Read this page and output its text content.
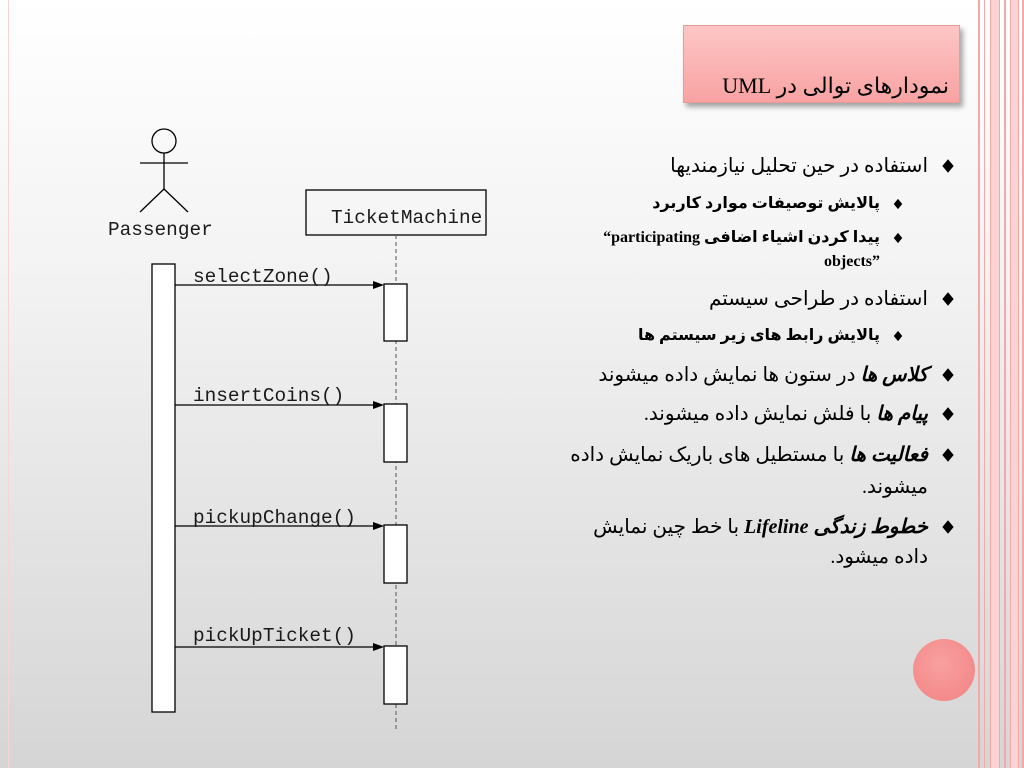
نمودارهای توالی در UML
استفاده در حین تحلیل نیازمندیها
پالایش توصیفات موارد کاربرد
پیدا کردن اشیاء اضافی “participating
objects”
استفاده در طراحی سیستم
پالایش رابط های زیر سیستم ها
کلاس ها در ستون ها نمایش داده میشوند
پیام ها با فلش نمایش داده میشوند.
فعالیت ها با مستطیل های باریک نمایش داده
میشوند.
خطوط زندگی Lifeline با خط چین نمایش
داده میشود.
Passenger
TicketMachine
selectZone()
insertCoins()
pickupChange()
pickUpTicket()
